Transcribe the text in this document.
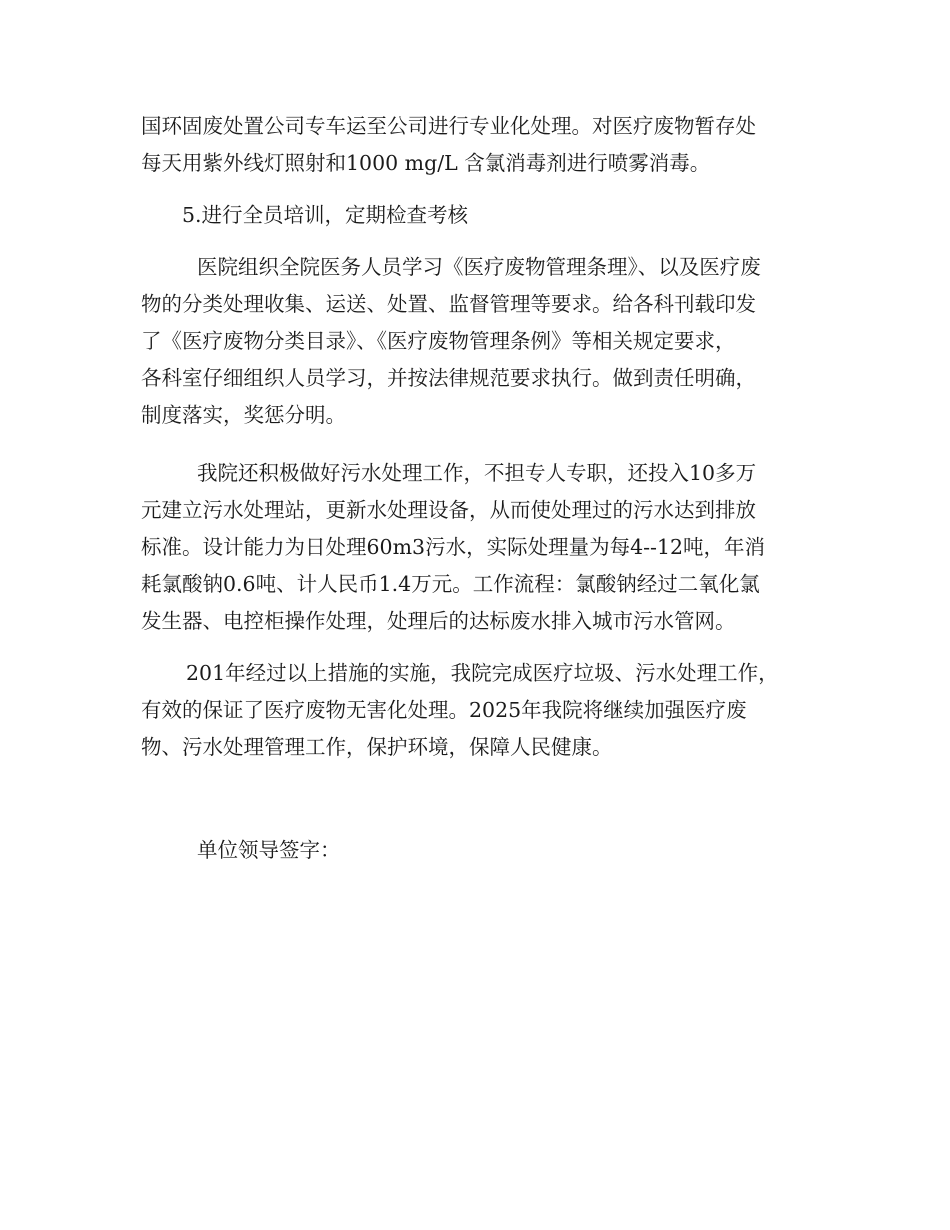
国环固废处置公司专车运至公司进行专业化处理。对医疗废物暂存处

每天用紫外线灯照射和1000 mg/L 含氯消毒剂进行喷雾消毒。

5.进行全员培训，定期检查考核

医院组织全院医务人员学习《医疗废物管理条理》、以及医疗废

物的分类处理收集、运送、处置、监督管理等要求。给各科刊载印发

了《医疗废物分类目录》、《医疗废物管理条例》等相关规定要求，

各科室仔细组织人员学习，并按法律规范要求执行。做到责任明确，

制度落实，奖惩分明。

我院还积极做好污水处理工作，不担专人专职，还投入10多万

元建立污水处理站，更新水处理设备，从而使处理过的污水达到排放

标准。设计能力为日处理60m3污水，实际处理量为每4--12吨，年消

耗氯酸钠0.6吨、计人民币1.4万元。工作流程：氯酸钠经过二氧化氯

发生器、电控柜操作处理，处理后的达标废水排入城市污水管网。

201年经过以上措施的实施，我院完成医疗垃圾、污水处理工作，

有效的保证了医疗废物无害化处理。2025年我院将继续加强医疗废

物、污水处理管理工作，保护环境，保障人民健康。

单位领导签字：
